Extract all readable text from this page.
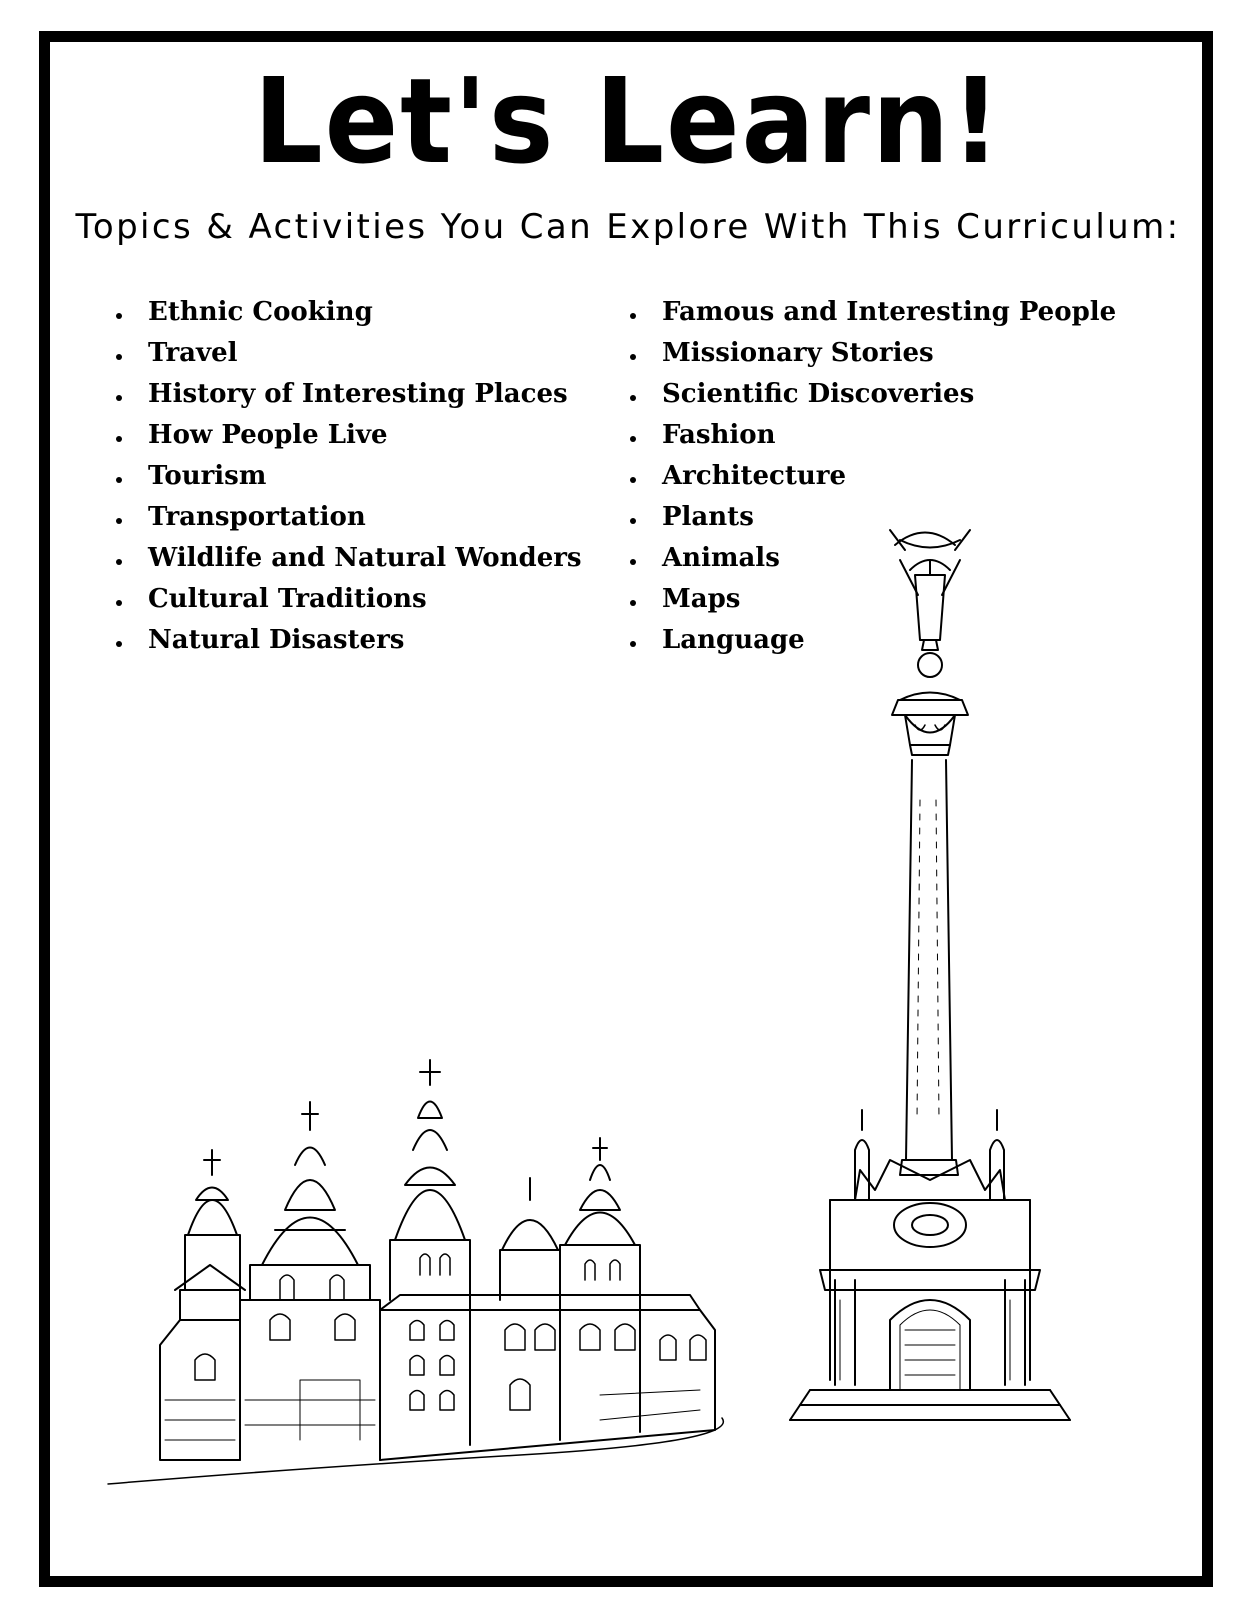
Let's Learn!
Topics & Activities You Can Explore With This Curriculum:
Ethnic Cooking
Travel
History of Interesting Places
How People Live
Tourism
Transportation
Wildlife and Natural Wonders
Cultural Traditions
Natural Disasters
Famous and Interesting People
Missionary Stories
Scientific Discoveries
Fashion
Architecture
Plants
Animals
Maps
Language
